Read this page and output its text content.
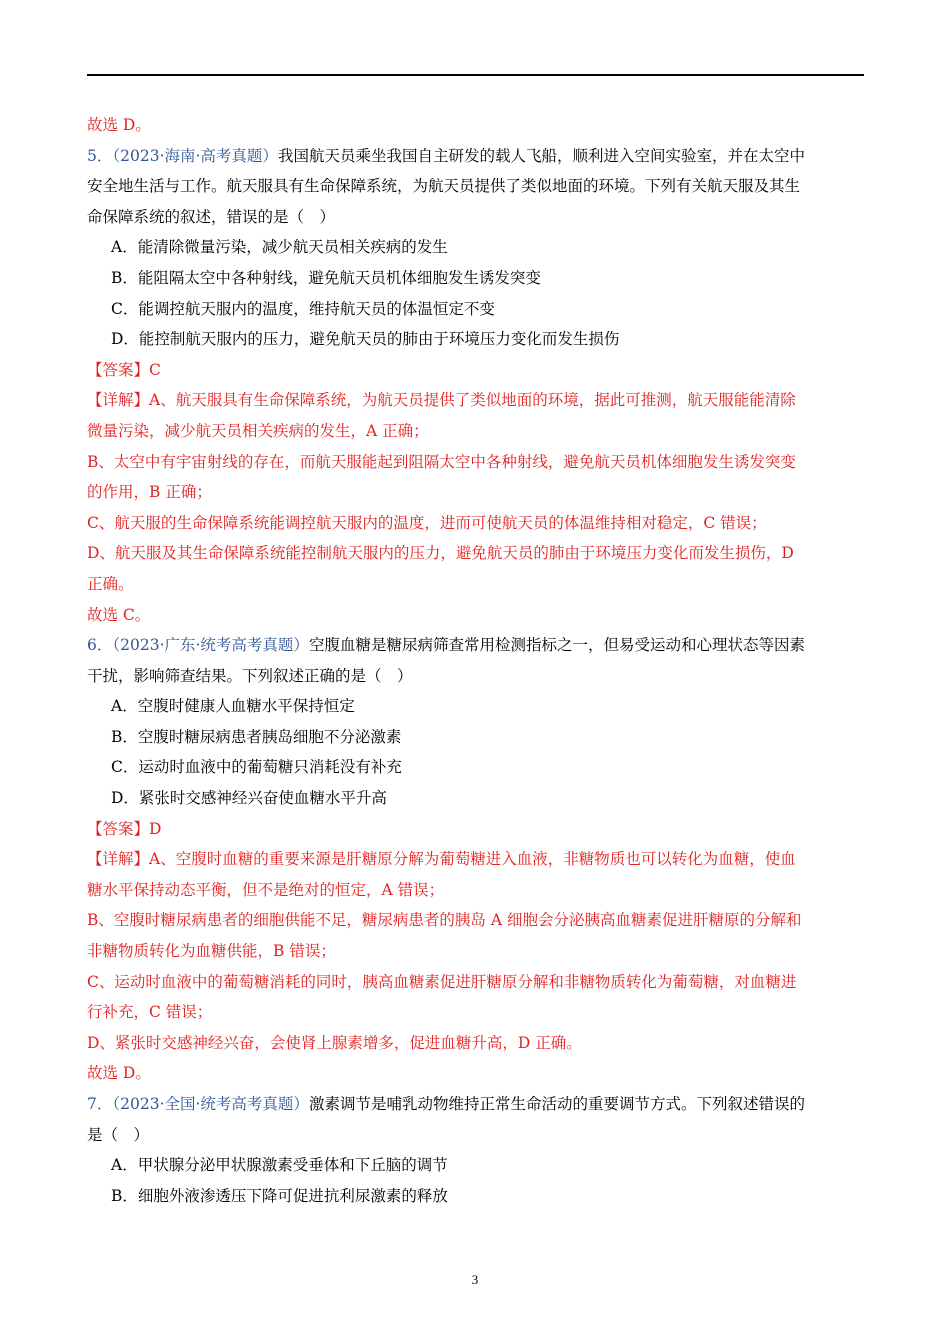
故选 D。
5．（2023·海南·高考真题）我国航天员乘坐我国自主研发的载人飞船，顺利进入空间实验室，并在太空中
安全地生活与工作。航天服具有生命保障系统，为航天员提供了类似地面的环境。下列有关航天服及其生
命保障系统的叙述，错误的是（　）
A．能清除微量污染，减少航天员相关疾病的发生
B．能阻隔太空中各种射线，避免航天员机体细胞发生诱发突变
C．能调控航天服内的温度，维持航天员的体温恒定不变
D．能控制航天服内的压力，避免航天员的肺由于环境压力变化而发生损伤
【答案】C
【详解】A、航天服具有生命保障系统，为航天员提供了类似地面的环境，据此可推测，航天服能能清除
微量污染，减少航天员相关疾病的发生，A 正确；
B、太空中有宇宙射线的存在，而航天服能起到阻隔太空中各种射线，避免航天员机体细胞发生诱发突变
的作用，B 正确；
C、航天服的生命保障系统能调控航天服内的温度，进而可使航天员的体温维持相对稳定，C 错误；
D、航天服及其生命保障系统能控制航天服内的压力，避免航天员的肺由于环境压力变化而发生损伤，D
正确。
故选 C。
6．（2023·广东·统考高考真题）空腹血糖是糖尿病筛查常用检测指标之一，但易受运动和心理状态等因素
干扰，影响筛查结果。下列叙述正确的是（　）
A．空腹时健康人血糖水平保持恒定
B．空腹时糖尿病患者胰岛细胞不分泌激素
C．运动时血液中的葡萄糖只消耗没有补充
D．紧张时交感神经兴奋使血糖水平升高
【答案】D
【详解】A、空腹时血糖的重要来源是肝糖原分解为葡萄糖进入血液，非糖物质也可以转化为血糖，使血
糖水平保持动态平衡，但不是绝对的恒定，A 错误；
B、空腹时糖尿病患者的细胞供能不足，糖尿病患者的胰岛 A 细胞会分泌胰高血糖素促进肝糖原的分解和
非糖物质转化为血糖供能，B 错误；
C、运动时血液中的葡萄糖消耗的同时，胰高血糖素促进肝糖原分解和非糖物质转化为葡萄糖，对血糖进
行补充，C 错误；
D、紧张时交感神经兴奋，会使肾上腺素增多，促进血糖升高，D 正确。
故选 D。
7．（2023·全国·统考高考真题）激素调节是哺乳动物维持正常生命活动的重要调节方式。下列叙述错误的
是（　）
A．甲状腺分泌甲状腺激素受垂体和下丘脑的调节
B．细胞外液渗透压下降可促进抗利尿激素的释放
3
